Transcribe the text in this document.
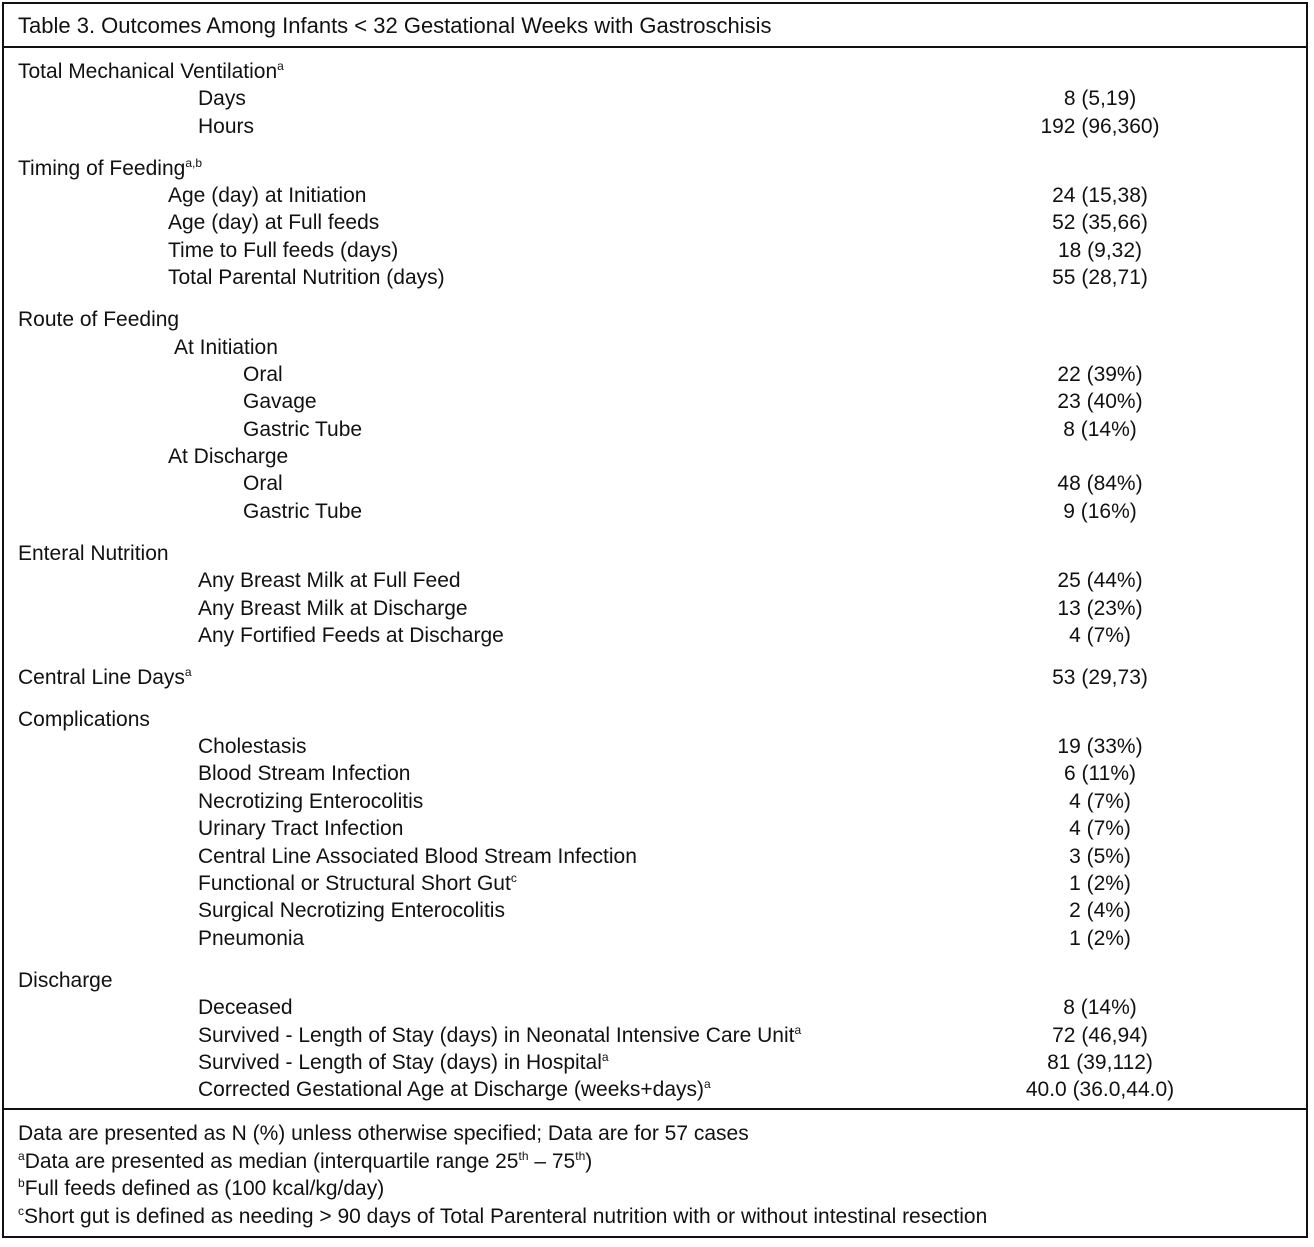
Table 3. Outcomes Among Infants < 32 Gestational Weeks with Gastroschisis
Total Mechanical Ventilation$^a$
Days	8 (5,19)
Hours	192 (96,360)
Timing of Feeding$^{a,b}$
Age (day) at Initiation	24 (15,38)
Age (day) at Full feeds	52 (35,66)
Time to Full feeds (days)	18 (9,32)
Total Parental Nutrition (days)	55 (28,71)
Route of Feeding
At Initiation
Oral	22 (39%)
Gavage	23 (40%)
Gastric Tube	8 (14%)
At Discharge
Oral	48 (84%)
Gastric Tube	9 (16%)
Enteral Nutrition
Any Breast Milk at Full Feed	25 (44%)
Any Breast Milk at Discharge	13 (23%)
Any Fortified Feeds at Discharge	4 (7%)
Central Line Days$^a$	53 (29,73)
Complications
Cholestasis	19 (33%)
Blood Stream Infection	6 (11%)
Necrotizing Enterocolitis	4 (7%)
Urinary Tract Infection	4 (7%)
Central Line Associated Blood Stream Infection	3 (5%)
Functional or Structural Short Gut$^c$	1 (2%)
Surgical Necrotizing Enterocolitis	2 (4%)
Pneumonia	1 (2%)
Discharge
Deceased	8 (14%)
Survived - Length of Stay (days) in Neonatal Intensive Care Unit$^a$	72 (46,94)
Survived - Length of Stay (days) in Hospital$^a$	81 (39,112)
Corrected Gestational Age at Discharge (weeks+days)$^a$	40.0 (36.0,44.0)
Data are presented as N (%) unless otherwise specified; Data are for 57 cases
$^a$Data are presented as median (interquartile range 25th – 75th)
$^b$Full feeds defined as (100 kcal/kg/day)
$^c$Short gut is defined as needing > 90 days of Total Parenteral nutrition with or without intestinal resection
